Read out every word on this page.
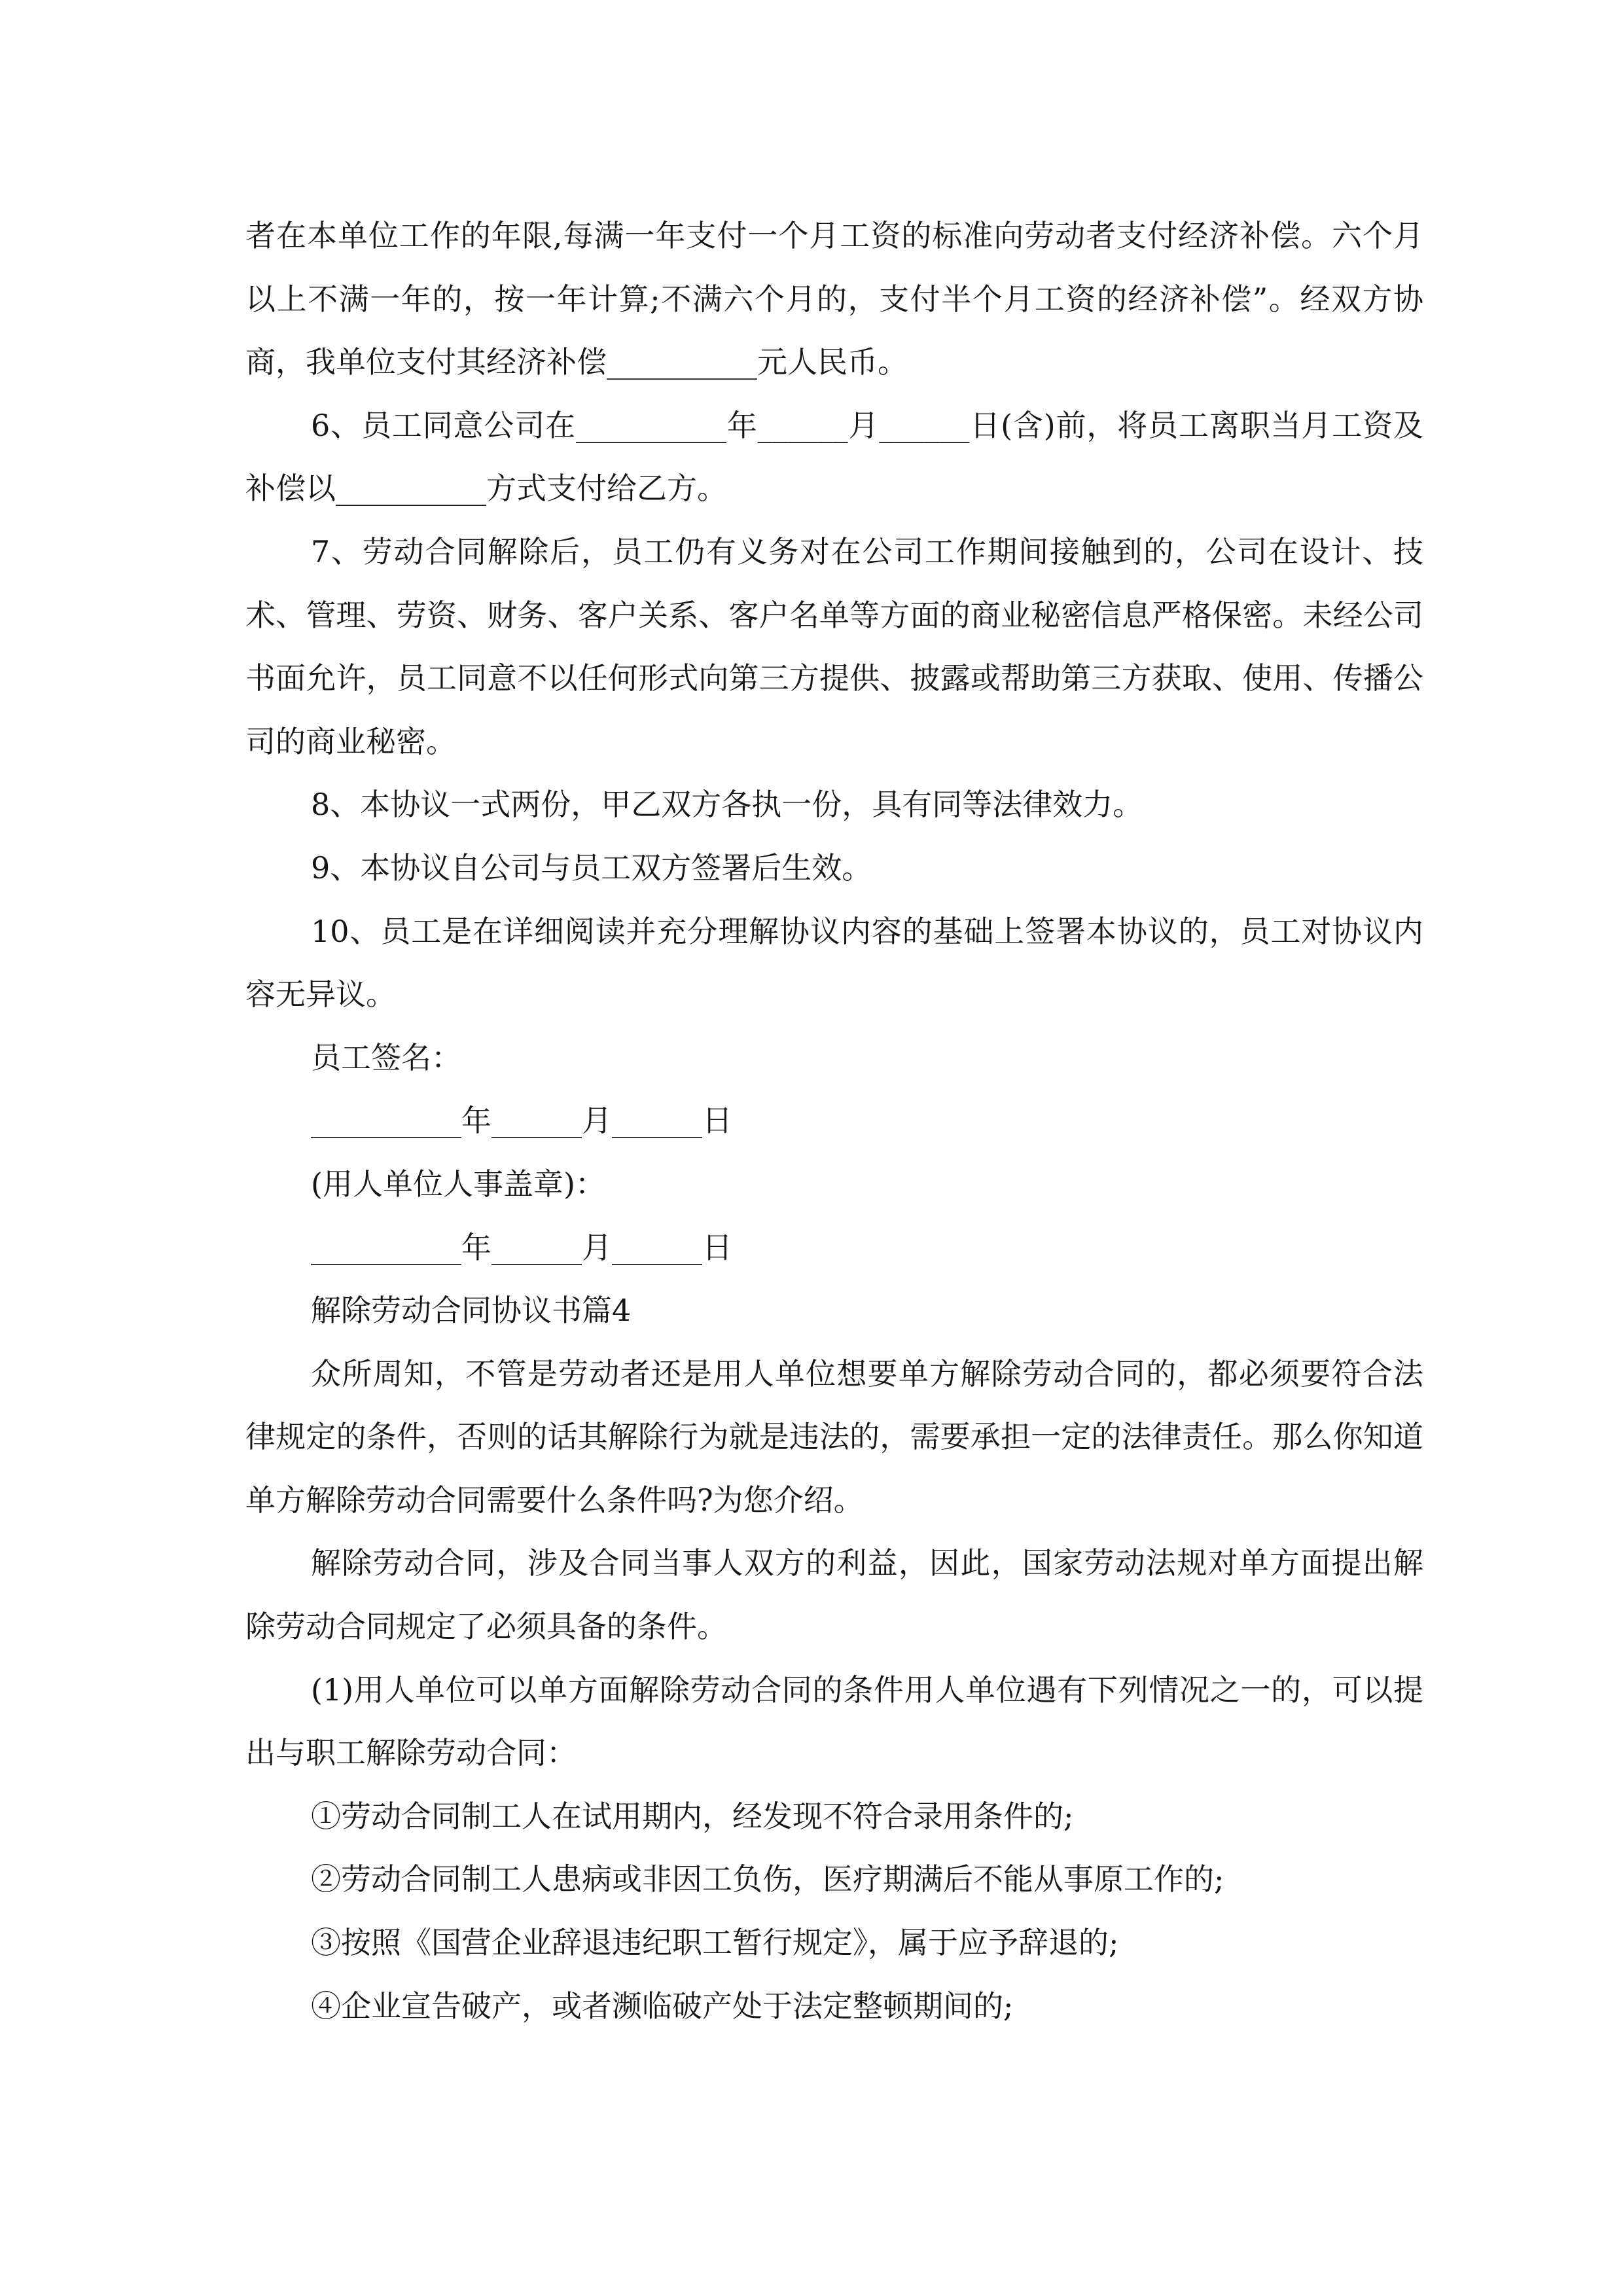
者在本单位工作的年限,每满一年支付一个月工资的标准向劳动者支付经济补偿。六个月以上不满一年的，按一年计算;不满六个月的，支付半个月工资的经济补偿”。经双方协商，我单位支付其经济补偿__________元人民币。

6、员工同意公司在__________年______月______日(含)前，将员工离职当月工资及补偿以__________方式支付给乙方。

7、劳动合同解除后，员工仍有义务对在公司工作期间接触到的，公司在设计、技术、管理、劳资、财务、客户关系、客户名单等方面的商业秘密信息严格保密。未经公司书面允许，员工同意不以任何形式向第三方提供、披露或帮助第三方获取、使用、传播公司的商业秘密。

8、本协议一式两份，甲乙双方各执一份，具有同等法律效力。

9、本协议自公司与员工双方签署后生效。

10、员工是在详细阅读并充分理解协议内容的基础上签署本协议的，员工对协议内容无异议。

员工签名：

__________年______月______日

(用人单位人事盖章)：

__________年______月______日

解除劳动合同协议书篇4

众所周知，不管是劳动者还是用人单位想要单方解除劳动合同的，都必须要符合法律规定的条件，否则的话其解除行为就是违法的，需要承担一定的法律责任。那么你知道单方解除劳动合同需要什么条件吗?为您介绍。

解除劳动合同，涉及合同当事人双方的利益，因此，国家劳动法规对单方面提出解除劳动合同规定了必须具备的条件。

(1)用人单位可以单方面解除劳动合同的条件用人单位遇有下列情况之一的，可以提出与职工解除劳动合同：

①劳动合同制工人在试用期内，经发现不符合录用条件的;

②劳动合同制工人患病或非因工负伤，医疗期满后不能从事原工作的;

③按照《国营企业辞退违纪职工暂行规定》，属于应予辞退的;

④企业宣告破产，或者濒临破产处于法定整顿期间的;
